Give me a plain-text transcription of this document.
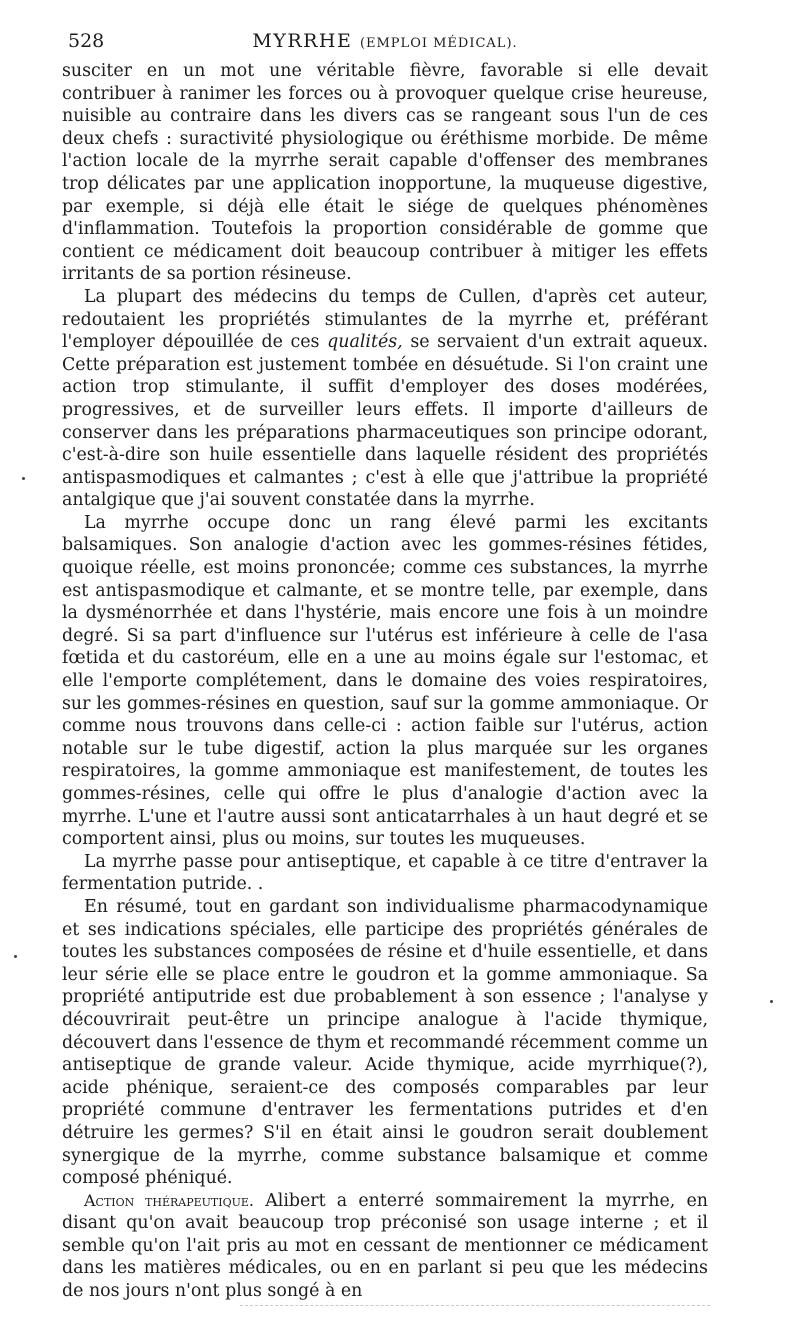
528	MYRRHE (EMPLOI MÉDICAL).

susciter en un mot une véritable fièvre, favorable si elle devait contribuer à ranimer les forces ou à provoquer quelque crise heureuse, nuisible au contraire dans les divers cas se rangeant sous l'un de ces deux chefs : suractivité physiologique ou éréthisme morbide. De même l'action locale de la myrrhe serait capable d'offenser des membranes trop délicates par une application inopportune, la muqueuse digestive, par exemple, si déjà elle était le siége de quelques phénomènes d'inflammation. Toutefois la proportion considérable de gomme que contient ce médicament doit beaucoup contribuer à mitiger les effets irritants de sa portion résineuse.

La plupart des médecins du temps de Cullen, d'après cet auteur, redoutaient les propriétés stimulantes de la myrrhe et, préférant l'employer dépouillée de ces qualités, se servaient d'un extrait aqueux. Cette préparation est justement tombée en désuétude. Si l'on craint une action trop stimulante, il suffit d'employer des doses modérées, progressives, et de surveiller leurs effets. Il importe d'ailleurs de conserver dans les préparations pharmaceutiques son principe odorant, c'est-à-dire son huile essentielle dans laquelle résident des propriétés antispasmodiques et calmantes ; c'est à elle que j'attribue la propriété antalgique que j'ai souvent constatée dans la myrrhe.

La myrrhe occupe donc un rang élevé parmi les excitants balsamiques. Son analogie d'action avec les gommes-résines fétides, quoique réelle, est moins prononcée; comme ces substances, la myrrhe est antispasmodique et calmante, et se montre telle, par exemple, dans la dysménorrhée et dans l'hystérie, mais encore une fois à un moindre degré. Si sa part d'influence sur l'utérus est inférieure à celle de l'asa fœtida et du castoréum, elle en a une au moins égale sur l'estomac, et elle l'emporte complétement, dans le domaine des voies respiratoires, sur les gommes-résines en question, sauf sur la gomme ammoniaque. Or comme nous trouvons dans celle-ci : action faible sur l'utérus, action notable sur le tube digestif, action la plus marquée sur les organes respiratoires, la gomme ammoniaque est manifestement, de toutes les gommes-résines, celle qui offre le plus d'analogie d'action avec la myrrhe. L'une et l'autre aussi sont anticatarrhales à un haut degré et se comportent ainsi, plus ou moins, sur toutes les muqueuses.

La myrrhe passe pour antiseptique, et capable à ce titre d'entraver la fermentation putride. .

En résumé, tout en gardant son individualisme pharmacodynamique et ses indications spéciales, elle participe des propriétés générales de toutes les substances composées de résine et d'huile essentielle, et dans leur série elle se place entre le goudron et la gomme ammoniaque. Sa propriété antiputride est due probablement à son essence ; l'analyse y découvrirait peut-être un principe analogue à l'acide thymique, découvert dans l'essence de thym et recommandé récemment comme un antiseptique de grande valeur. Acide thymique, acide myrrhique(?), acide phénique, seraient-ce des composés comparables par leur propriété commune d'entraver les fermentations putrides et d'en détruire les germes? S'il en était ainsi le goudron serait doublement synergique de la myrrhe, comme substance balsamique et comme composé phéniqué.

Action thérapeutique. Alibert a enterré sommairement la myrrhe, en disant qu'on avait beaucoup trop préconisé son usage interne ; et il semble qu'on l'ait pris au mot en cessant de mentionner ce médicament dans les matières médicales, ou en en parlant si peu que les médecins de nos jours n'ont plus songé à en
